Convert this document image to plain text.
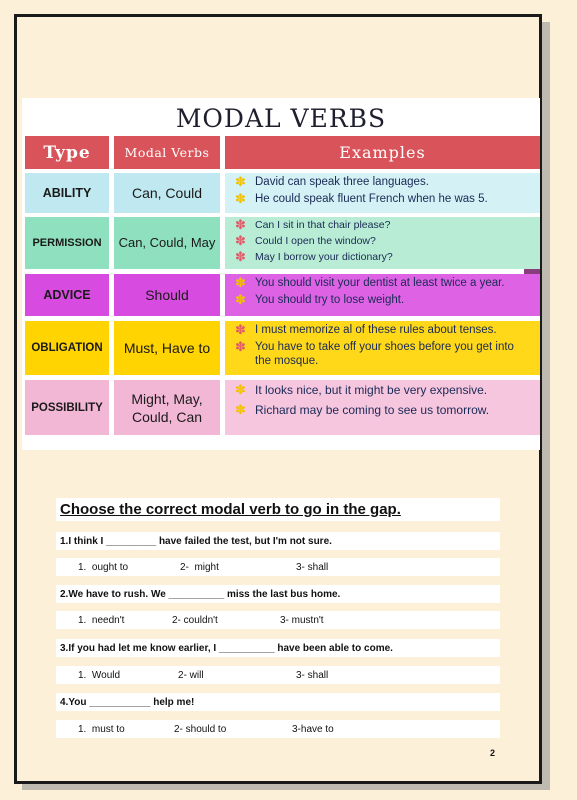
MODAL VERBS
Type	Modal Verbs	Examples
ABILITY	Can, Could
✽ David can speak three languages.
✽ He could speak fluent French when he was 5.
PERMISSION	Can, Could, May
✽ Can I sit in that chair please?
✽ Could I open the window?
✽ May I borrow your dictionary?
ADVICE	Should
✽ You should visit your dentist at least twice a year.
✽ You should try to lose weight.
OBLIGATION	Must, Have to
✽ I must memorize al of these rules about tenses.
✽ You have to take off your shoes before you get into the mosque.
POSSIBILITY
Might, May, Could, Can
✽ It looks nice, but it might be very expensive.
✽ Richard may be coming to see us tomorrow.
Choose the correct modal verb to go in the gap.
1.I think I _________ have failed the test, but I'm not sure.
1.  ought to	2-  might	3- shall
2.We have to rush. We __________ miss the last bus home.
1.  needn't	2- couldn't	3- mustn't
3.If you had let me know earlier, I __________ have been able to come.
1.  Would	2- will	3- shall
4.You ___________ help me!
1.  must to	2- should to	3-have to
2
